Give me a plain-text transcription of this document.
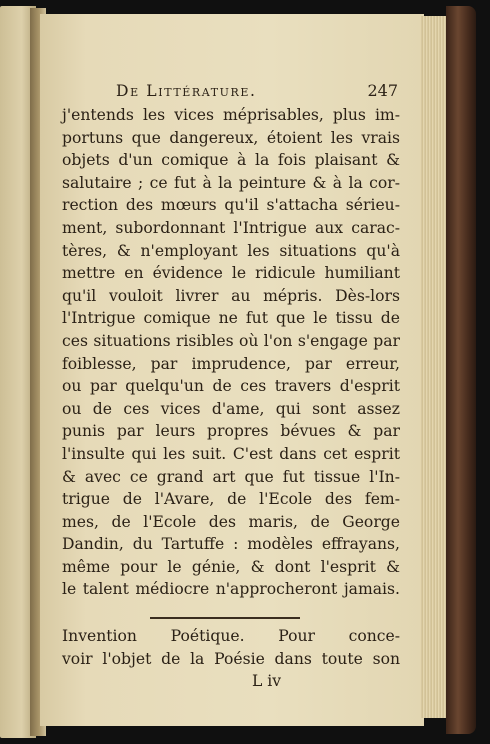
De Littérature.	247
j'entends les vices méprisables, plus im-
portuns que dangereux, étoient les vrais
objets d'un comique à la fois plaisant &
salutaire ; ce fut à la peinture & à la cor-
rection des mœurs qu'il s'attacha sérieu-
ment, subordonnant l'Intrigue aux carac-
tères, & n'employant les situations qu'à
mettre en évidence le ridicule humiliant
qu'il vouloit livrer au mépris. Dès-lors
l'Intrigue comique ne fut que le tissu de
ces situations risibles où l'on s'engage par
foiblesse, par imprudence, par erreur,
ou par quelqu'un de ces travers d'esprit
ou de ces vices d'ame, qui sont assez
punis par leurs propres bévues & par
l'insulte qui les suit. C'est dans cet esprit
& avec ce grand art que fut tissue l'In-
trigue de l'Avare, de l'Ecole des fem-
mes, de l'Ecole des maris, de George
Dandin, du Tartuffe : modèles effrayans,
même pour le génie, & dont l'esprit &
le talent médiocre n'approcheront jamais.
Invention Poétique. Pour conce-
voir l'objet de la Poésie dans toute son
L iv
